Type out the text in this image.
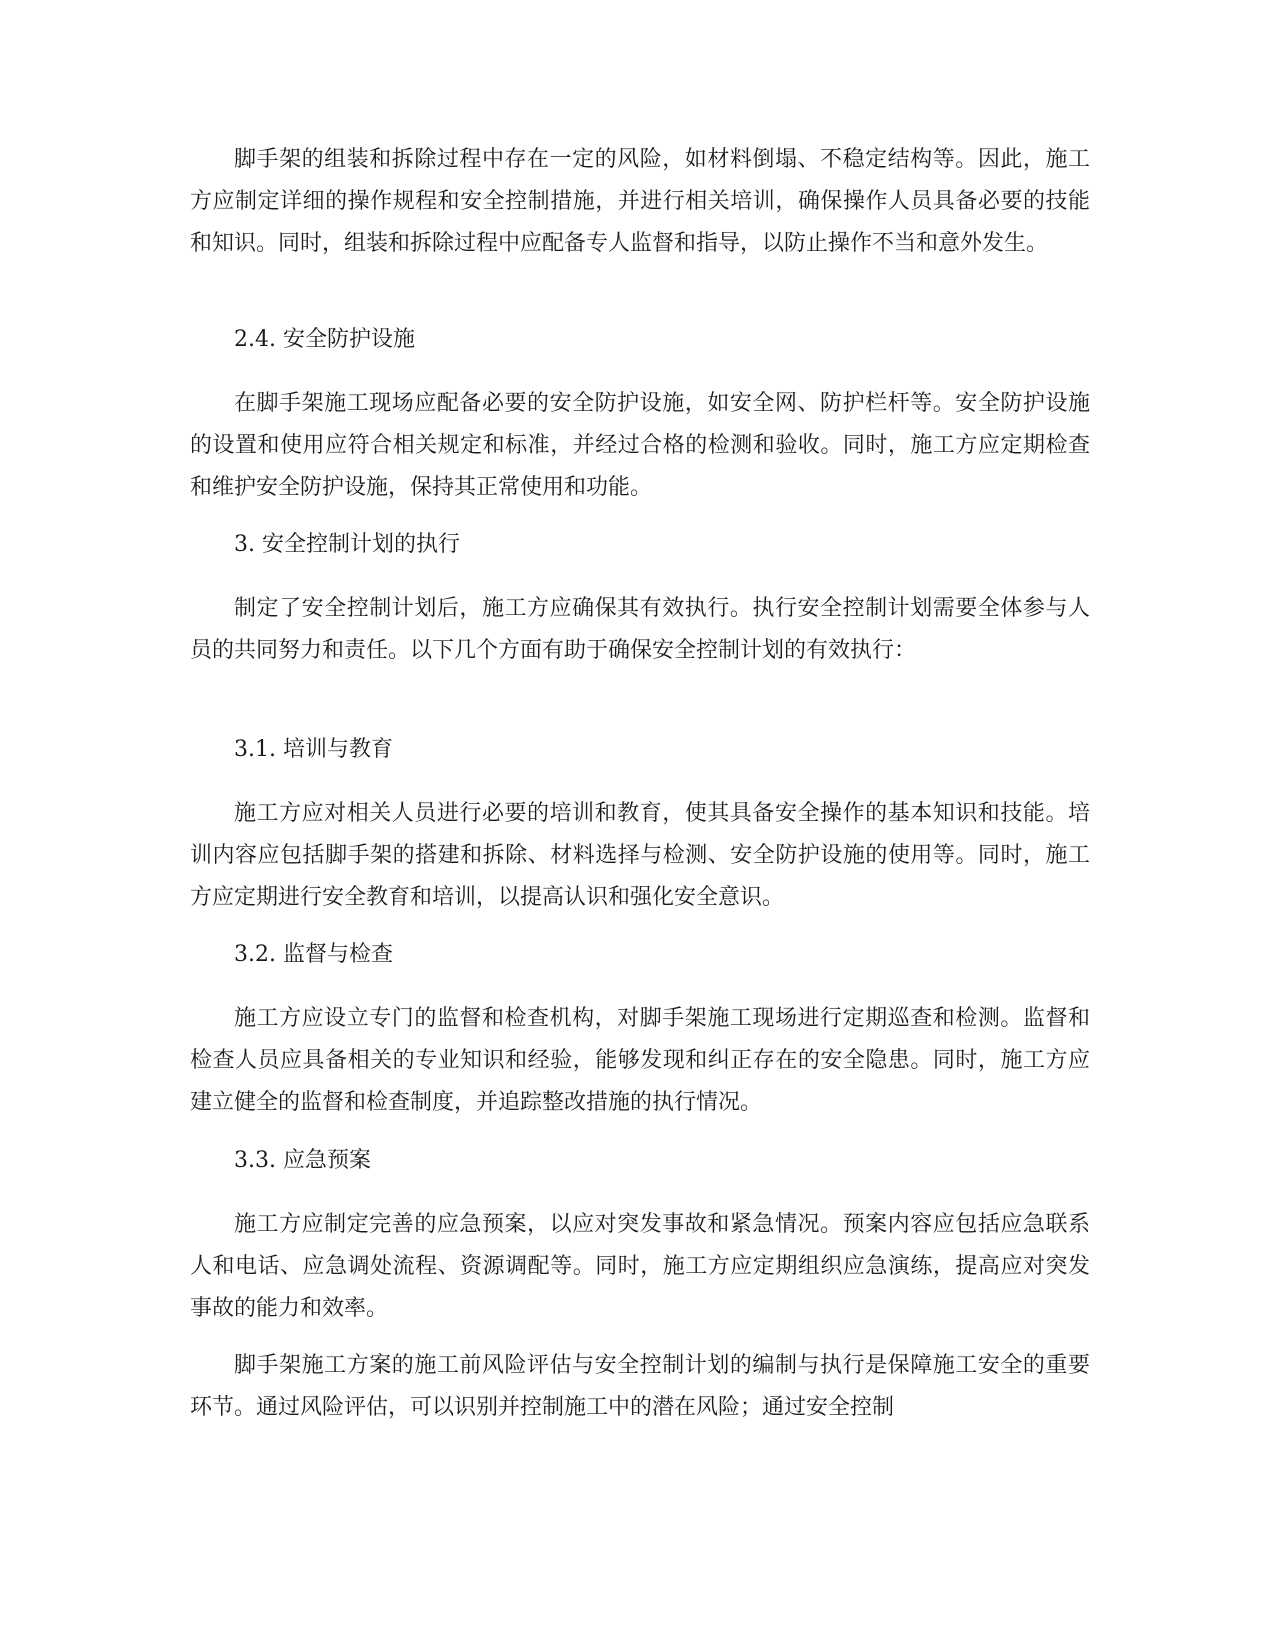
脚手架的组装和拆除过程中存在一定的风险，如材料倒塌、不稳定结构等。因此，施工方应制定详细的操作规程和安全控制措施，并进行相关培训，确保操作人员具备必要的技能和知识。同时，组装和拆除过程中应配备专人监督和指导，以防止操作不当和意外发生。

2.4. 安全防护设施

在脚手架施工现场应配备必要的安全防护设施，如安全网、防护栏杆等。安全防护设施的设置和使用应符合相关规定和标准，并经过合格的检测和验收。同时，施工方应定期检查和维护安全防护设施，保持其正常使用和功能。

3. 安全控制计划的执行

制定了安全控制计划后，施工方应确保其有效执行。执行安全控制计划需要全体参与人员的共同努力和责任。以下几个方面有助于确保安全控制计划的有效执行：

3.1. 培训与教育

施工方应对相关人员进行必要的培训和教育，使其具备安全操作的基本知识和技能。培训内容应包括脚手架的搭建和拆除、材料选择与检测、安全防护设施的使用等。同时，施工方应定期进行安全教育和培训，以提高认识和强化安全意识。

3.2. 监督与检查

施工方应设立专门的监督和检查机构，对脚手架施工现场进行定期巡查和检测。监督和检查人员应具备相关的专业知识和经验，能够发现和纠正存在的安全隐患。同时，施工方应建立健全的监督和检查制度，并追踪整改措施的执行情况。

3.3. 应急预案

施工方应制定完善的应急预案，以应对突发事故和紧急情况。预案内容应包括应急联系人和电话、应急调处流程、资源调配等。同时，施工方应定期组织应急演练，提高应对突发事故的能力和效率。

脚手架施工方案的施工前风险评估与安全控制计划的编制与执行是保障施工安全的重要环节。通过风险评估，可以识别并控制施工中的潜在风险；通过安全控制
